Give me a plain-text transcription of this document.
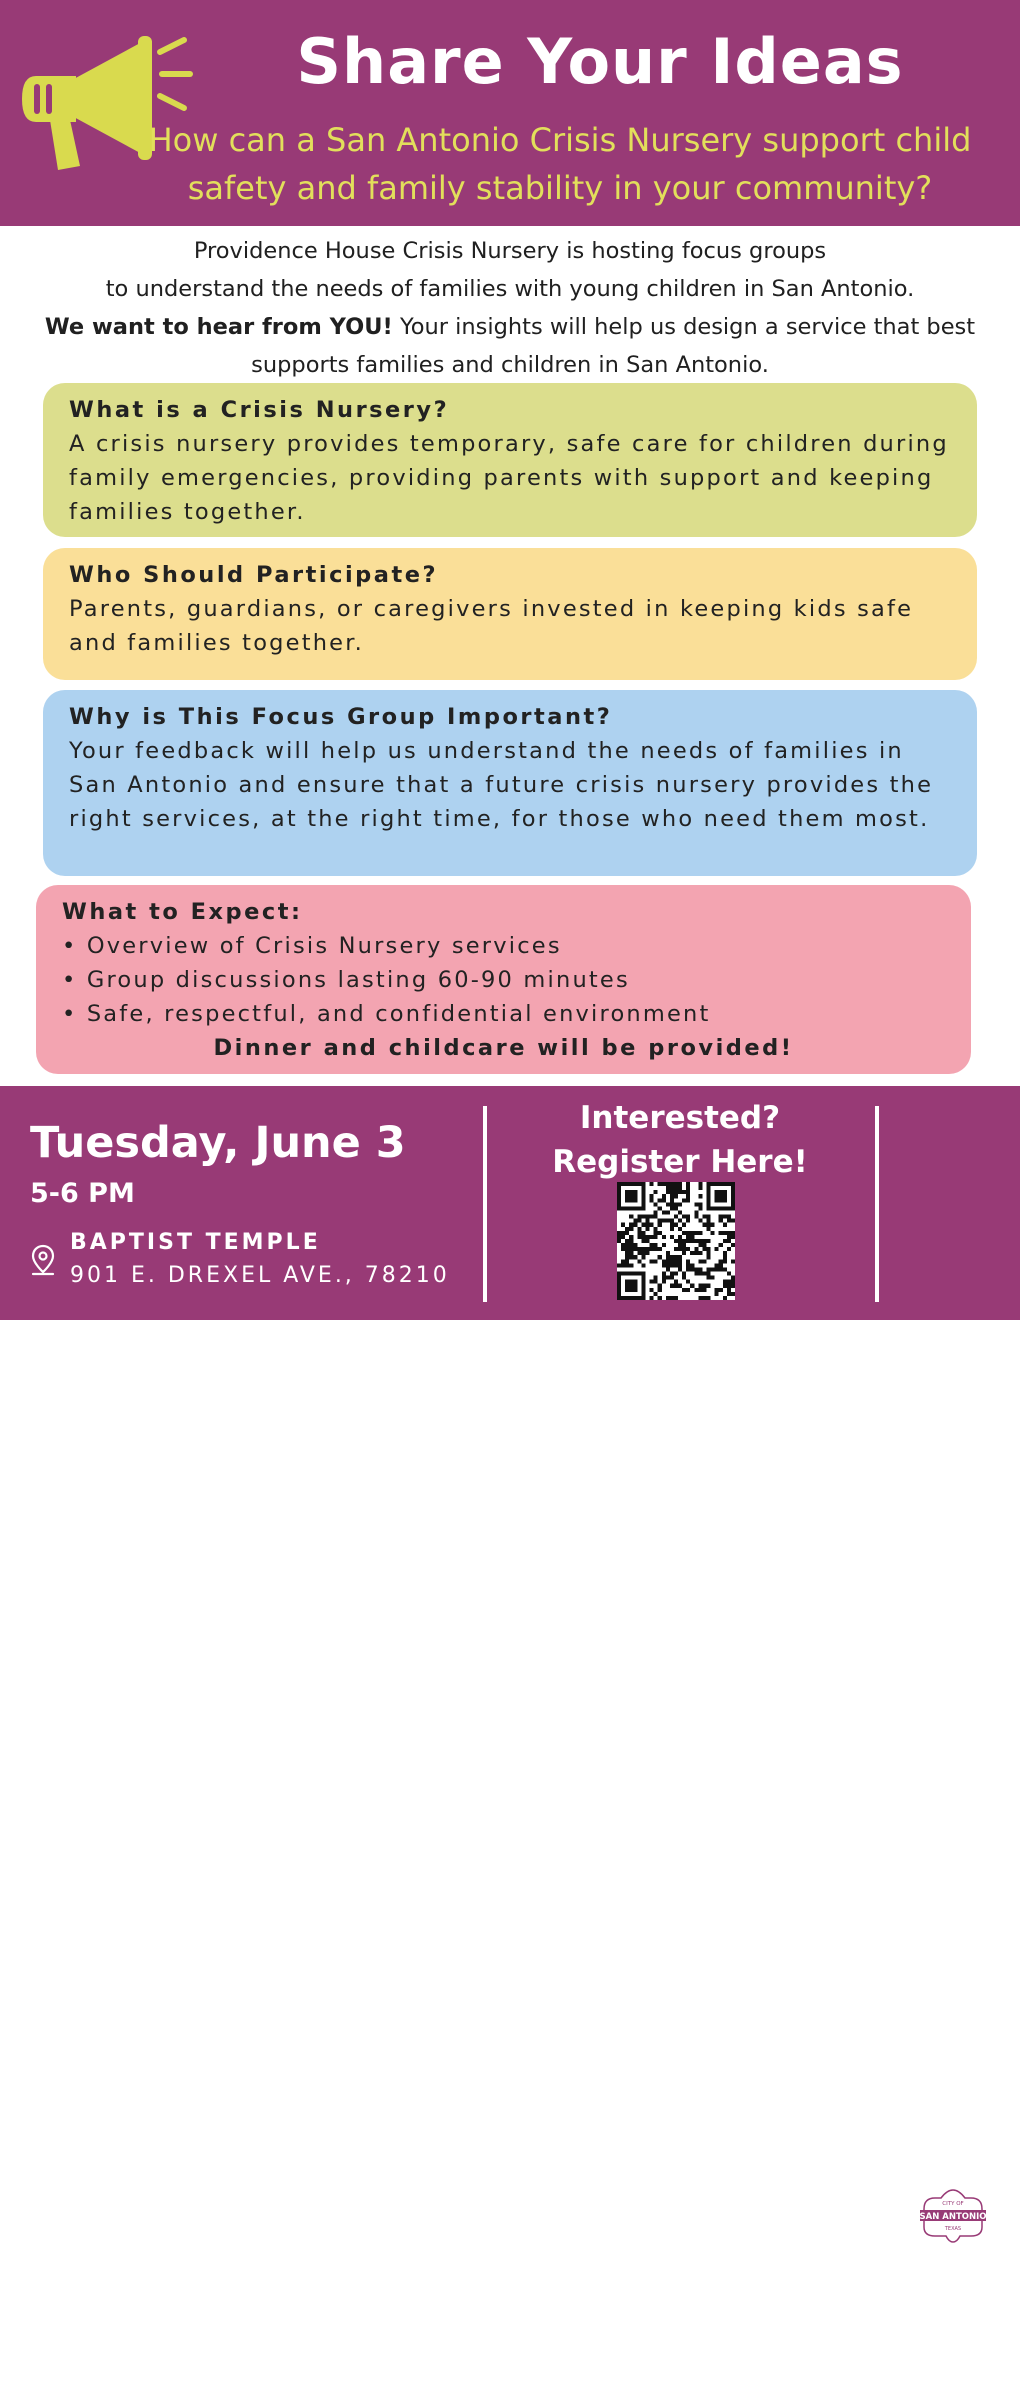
Share Your Ideas
How can a San Antonio Crisis Nursery support child safety and family stability in your community?
Providence House Crisis Nursery is hosting focus groups
to understand the needs of families with young children in San Antonio.
We want to hear from YOU! Your insights will help us design a service that best supports families and children in San Antonio.
What is a Crisis Nursery?
A crisis nursery provides temporary, safe care for children during family emergencies, providing parents with support and keeping families together.
Who Should Participate?
Parents, guardians, or caregivers invested in keeping kids safe and families together.
Why is This Focus Group Important?
Your feedback will help us understand the needs of families in San Antonio and ensure that a future crisis nursery provides the right services, at the right time, for those who need them most.
What to Expect:
• Overview of Crisis Nursery services
• Group discussions lasting 60-90 minutes
• Safe, respectful, and confidential environment
Dinner and childcare will be provided!
Tuesday, June 3
5-6 PM
BAPTIST TEMPLE
901 E. DREXEL AVE., 78210
Interested?
Register Here!
CITY OF
SAN ANTONIO
TEXAS
HUMAN
SERVICES
Providence
House
